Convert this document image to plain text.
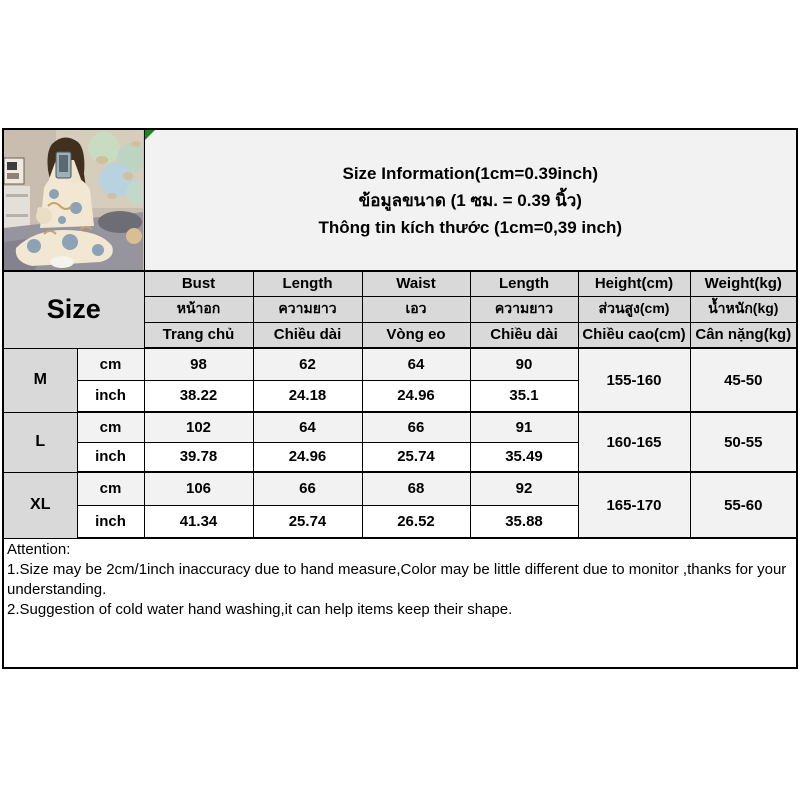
Size Information(1cm=0.39inch)
ข้อมูลขนาด (1 ซม. = 0.39 นิ้ว)
Thông tin kích thước (1cm=0,39 inch)					

Size		Bust	Length	Waist	Length	Height(cm)	Weight(kg)
		หน้าอก	ความยาว	เอว	ความยาว	ส่วนสูง(cm)	น้ำหนัก(kg)
		Trang chủ	Chiều dài	Vòng eo	Chiều dài	Chiều cao(cm)	Cân nặng(kg)
M	cm	98	62	64	90	155-160	45-50
	inch	38.22	24.18	24.96	35.1		
L	cm	102	64	66	91	160-165	50-55
	inch	39.78	24.96	25.74	35.49		
XL	cm	106	66	68	92	165-170	55-60
	inch	41.34	25.74	26.52	35.88		

Attention:
1.Size may be 2cm/1inch inaccuracy due to hand measure,Color may be little different due to monitor ,thanks for your understanding.
2.Suggestion of cold water hand washing,it can help items keep their shape.							
